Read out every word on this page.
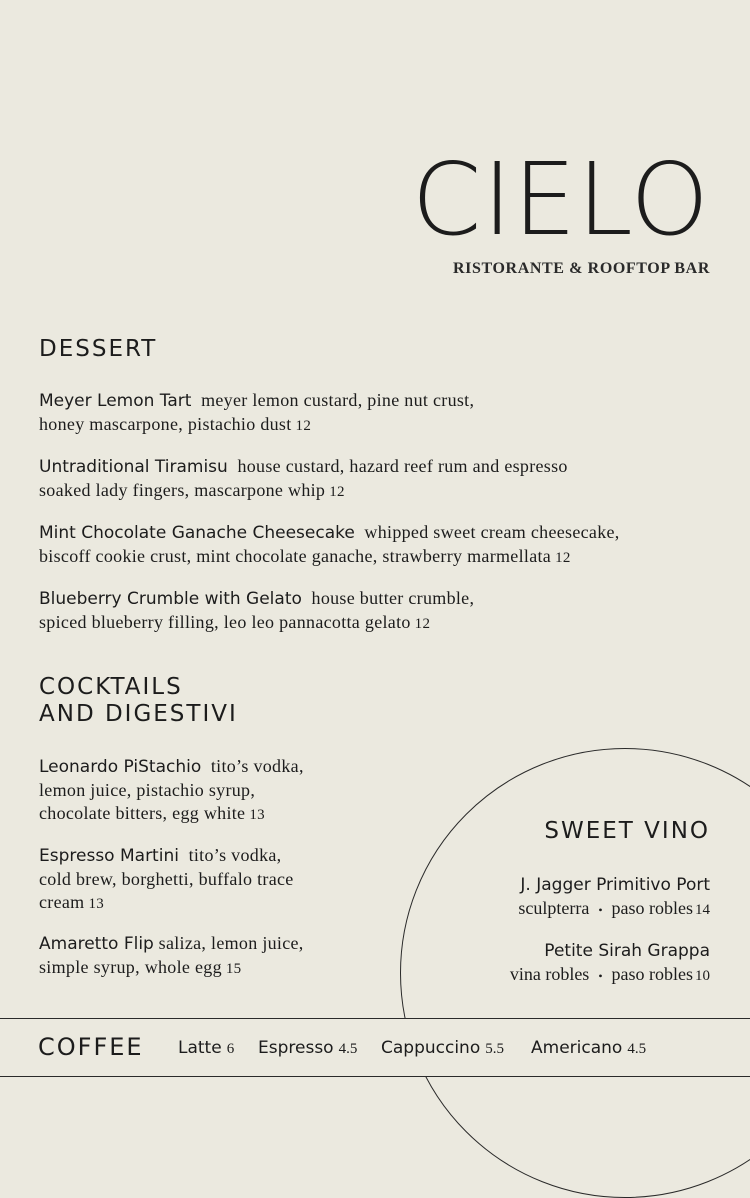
CIELO
RISTORANTE & ROOFTOP BAR
DESSERT
Meyer Lemon Tart meyer lemon custard, pine nut crust,
honey mascarpone, pistachio dust 12
Untraditional Tiramisu house custard, hazard reef rum and espresso
soaked lady fingers, mascarpone whip 12
Mint Chocolate Ganache Cheesecake whipped sweet cream cheesecake,
biscoff cookie crust, mint chocolate ganache, strawberry marmellata 12
Blueberry Crumble with Gelato house butter crumble,
spiced blueberry filling, leo leo pannacotta gelato 12
COCKTAILS
AND DIGESTIVI
Leonardo PiStachio tito’s vodka,
lemon juice, pistachio syrup,
chocolate bitters, egg white 13
Espresso Martini tito’s vodka,
cold brew, borghetti, buffalo trace
cream 13
Amaretto Flip saliza, lemon juice,
simple syrup, whole egg 15
SWEET VINO
J. Jagger Primitivo Port
sculpterra • paso robles 14
Petite Sirah Grappa
vina robles • paso robles 10
COFFEE Latte 6 Espresso 4.5 Cappuccino 5.5 Americano 4.5
